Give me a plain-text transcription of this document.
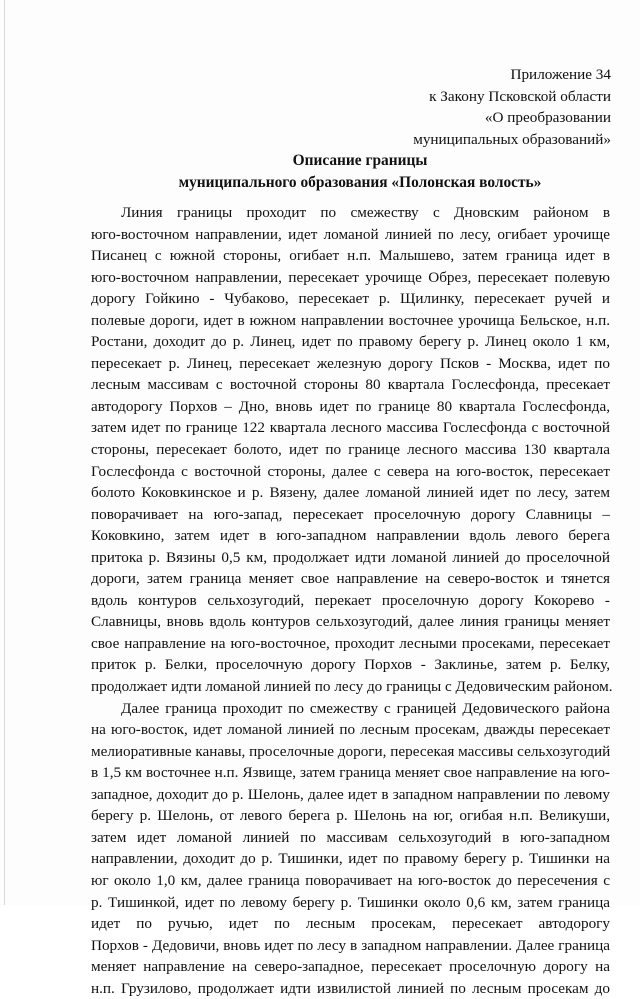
Приложение 34
к Закону Псковской области
«О преобразовании
муниципальных образований»
Описание границы
муниципального образования «Полонская волость»
Линия границы проходит по смежеству с Дновским районом в
юго-восточном направлении, идет ломаной линией по лесу, огибает урочище
Писанец с южной стороны, огибает н.п. Малышево, затем граница идет в
юго-восточном направлении, пересекает урочище Обрез, пересекает полевую
дорогу Гойкино - Чубаково, пересекает р. Щилинку, пересекает ручей и
полевые дороги, идет в южном направлении восточнее урочища Бельское, н.п.
Ростани, доходит до р. Линец, идет по правому берегу р. Линец около 1 км,
пересекает р. Линец, пересекает железную дорогу Псков - Москва, идет по
лесным массивам с восточной стороны 80 квартала Гослесфонда, пресекает
автодорогу Порхов – Дно, вновь идет по границе 80 квартала Гослесфонда,
затем идет по границе 122 квартала лесного массива Гослесфонда с восточной
стороны, пересекает болото, идет по границе лесного массива 130 квартала
Гослесфонда с восточной стороны, далее с севера на юго-восток, пересекает
болото Коковкинское и р. Вязену, далее ломаной линией идет по лесу, затем
поворачивает на юго-запад, пересекает проселочную дорогу Славницы –
Коковкино, затем идет в юго-западном направлении вдоль левого берега
притока р. Вязины 0,5 км, продолжает идти ломаной линией до проселочной
дороги, затем граница меняет свое направление на северо-восток и тянется
вдоль контуров сельхозугодий, перекает проселочную дорогу Кокорево -
Славницы, вновь вдоль контуров сельхозугодий, далее линия границы меняет
свое направление на юго-восточное, проходит лесными просеками, пересекает
приток р. Белки, проселочную дорогу Порхов - Заклинье, затем р. Белку,
продолжает идти ломаной линией по лесу до границы с Дедовическим районом.
Далее граница проходит по смежеству с границей Дедовического района
на юго-восток, идет ломаной линией по лесным просекам, дважды пересекает
мелиоративные канавы, проселочные дороги, пересекая массивы сельхозугодий
в 1,5 км восточнее н.п. Язвище, затем граница меняет свое направление на юго-
западное, доходит до р. Шелонь, далее идет в западном направлении по левому
берегу р. Шелонь, от левого берега р. Шелонь на юг, огибая н.п. Великуши,
затем идет ломаной линией по массивам сельхозугодий в юго-западном
направлении, доходит до р. Тишинки, идет по правому берегу р. Тишинки на
юг около 1,0 км, далее граница поворачивает на юго-восток до пересечения с
р. Тишинкой, идет по левому берегу р. Тишинки около 0,6 км, затем граница
идет по ручью, идет по лесным просекам, пересекает автодорогу
Порхов - Дедовичи, вновь идет по лесу в западном направлении. Далее граница
меняет направление на северо-западное, пересекает проселочную дорогу на
н.п. Грузилово, продолжает идти извилистой линией по лесным просекам до
